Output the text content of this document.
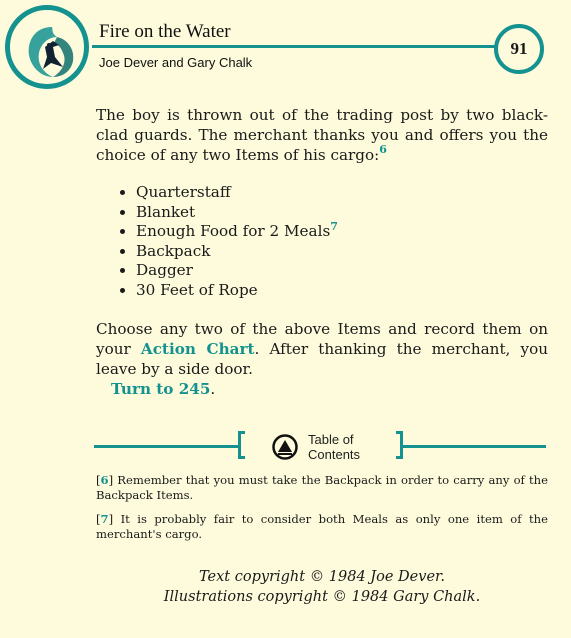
Fire on the Water
Joe Dever and Gary Chalk
91

The boy is thrown out of the trading post by two black-clad guards. The merchant thanks you and offers you the choice of any two Items of his cargo:$^6$

• Quarterstaff
• Blanket
• Enough Food for 2 Meals$^7$
• Backpack
• Dagger
• 30 Feet of Rope

Choose any two of the above Items and record them on your Action Chart. After thanking the merchant, you leave by a side door.

Turn to 245.

Table of
Contents

[6] Remember that you must take the Backpack in order to carry any of the Backpack Items.

[7] It is probably fair to consider both Meals as only one item of the merchant's cargo.

Text copyright © 1984 Joe Dever.
Illustrations copyright © 1984 Gary Chalk.
